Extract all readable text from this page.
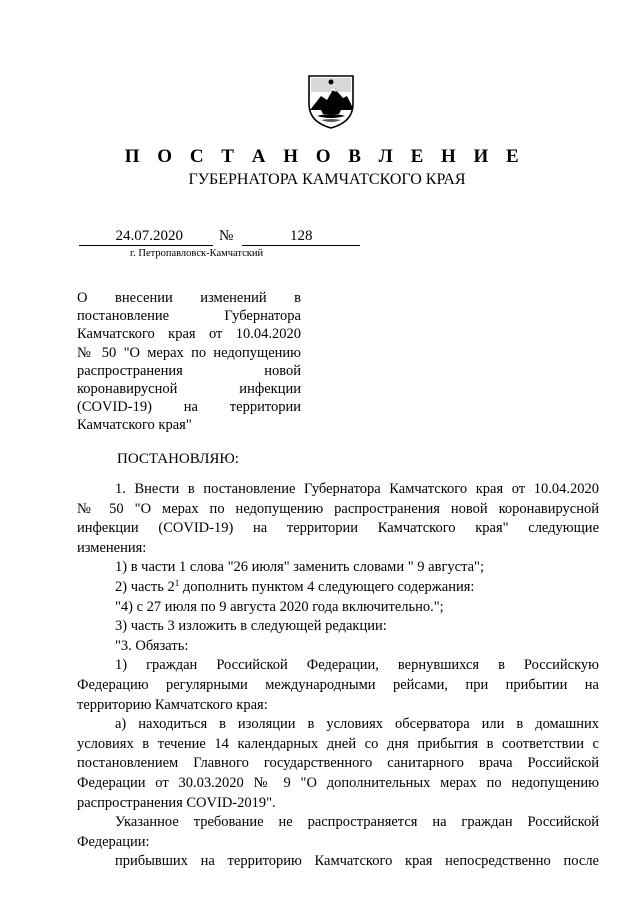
П О С Т А Н О В Л Е Н И Е
ГУБЕРНАТОРА КАМЧАТСКОГО КРАЯ
24.07.2020	№	128
г. Петропавловск-Камчатский
О внесении изменений в
постановление Губернатора
Камчатского края от 10.04.2020
№ 50 "О мерах по недопущению
распространения новой
коронавирусной инфекции
(COVID-19) на территории
Камчатского края"
ПОСТАНОВЛЯЮ:
1. Внести в постановление Губернатора Камчатского края от 10.04.2020
№ 50 "О мерах по недопущению распространения новой коронавирусной
инфекции (COVID-19) на территории Камчатского края" следующие
изменения:
1) в части 1 слова "26 июля" заменить словами " 9 августа";
2) часть $2^1$ дополнить пунктом 4 следующего содержания:
"4) с 27 июля по 9 августа 2020 года включительно.";
3) часть 3 изложить в следующей редакции:
"3. Обязать:
1) граждан Российской Федерации, вернувшихся в Российскую
Федерацию регулярными международными рейсами, при прибытии на
территорию Камчатского края:
а) находиться в изоляции в условиях обсерватора или в домашних
условиях в течение 14 календарных дней со дня прибытия в соответствии с
постановлением Главного государственного санитарного врача Российской
Федерации от 30.03.2020 № 9 "О дополнительных мерах по недопущению
распространения COVID-2019".
Указанное требование не распространяется на граждан Российской
Федерации:
прибывших на территорию Камчатского края непосредственно после
